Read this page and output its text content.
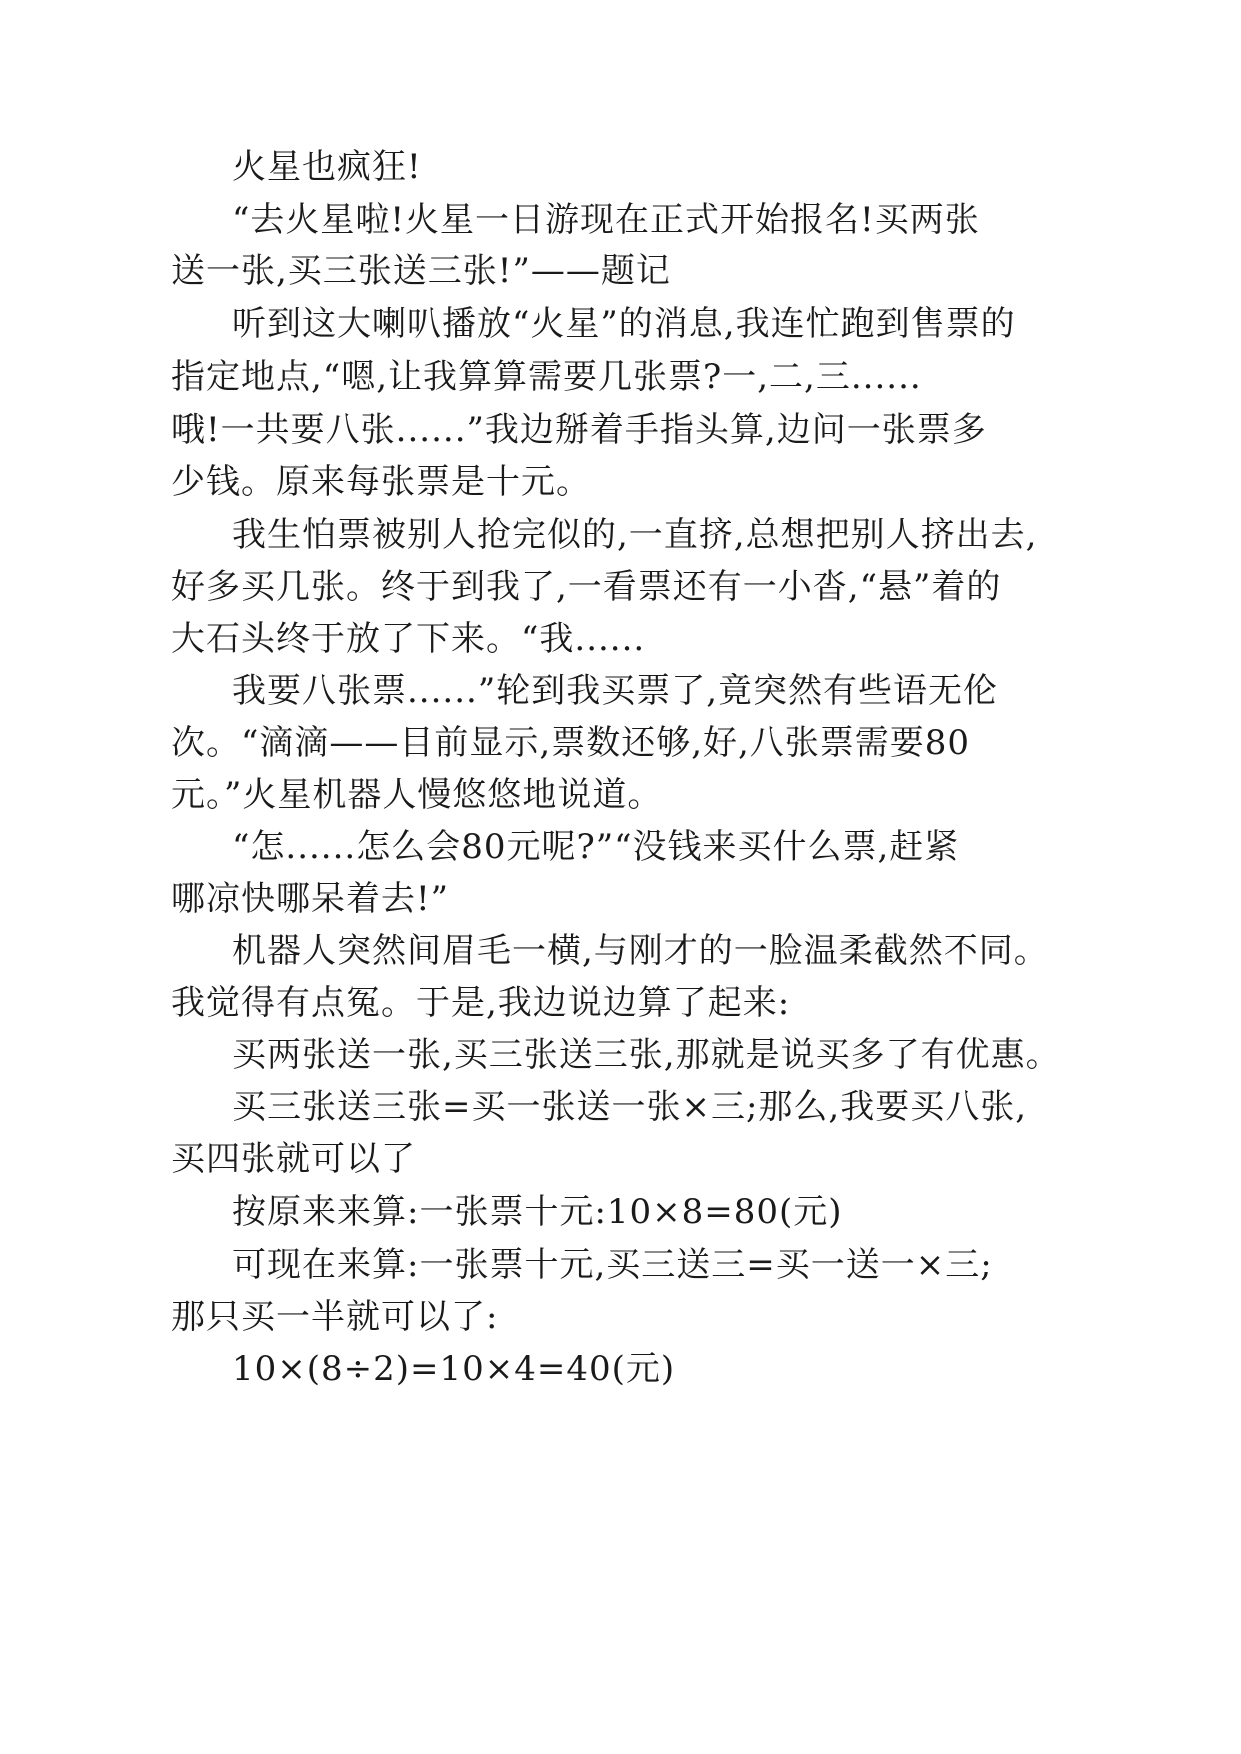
火星也疯狂!

“去火星啦!火星一日游现在正式开始报名!买两张

送一张,买三张送三张!”——题记

听到这大喇叭播放“火星”的消息,我连忙跑到售票的

指定地点,“嗯,让我算算需要几张票?一,二,三......

哦!一共要八张......”我边掰着手指头算,边问一张票多

少钱。原来每张票是十元。

我生怕票被别人抢完似的,一直挤,总想把别人挤出去,

好多买几张。终于到我了,一看票还有一小沓,“悬”着的

大石头终于放了下来。“我......

我要八张票......”轮到我买票了,竟突然有些语无伦

次。“滴滴——目前显示,票数还够,好,八张票需要80

元。”火星机器人慢悠悠地说道。

“怎......怎么会80元呢?”“没钱来买什么票,赶紧

哪凉快哪呆着去!”

机器人突然间眉毛一横,与刚才的一脸温柔截然不同。

我觉得有点冤。于是,我边说边算了起来:

买两张送一张,买三张送三张,那就是说买多了有优惠。

买三张送三张=买一张送一张×三;那么,我要买八张,

买四张就可以了

按原来来算:一张票十元:10×8=80(元)

可现在来算:一张票十元,买三送三=买一送一×三;

那只买一半就可以了:

10×(8÷2)=10×4=40(元)
